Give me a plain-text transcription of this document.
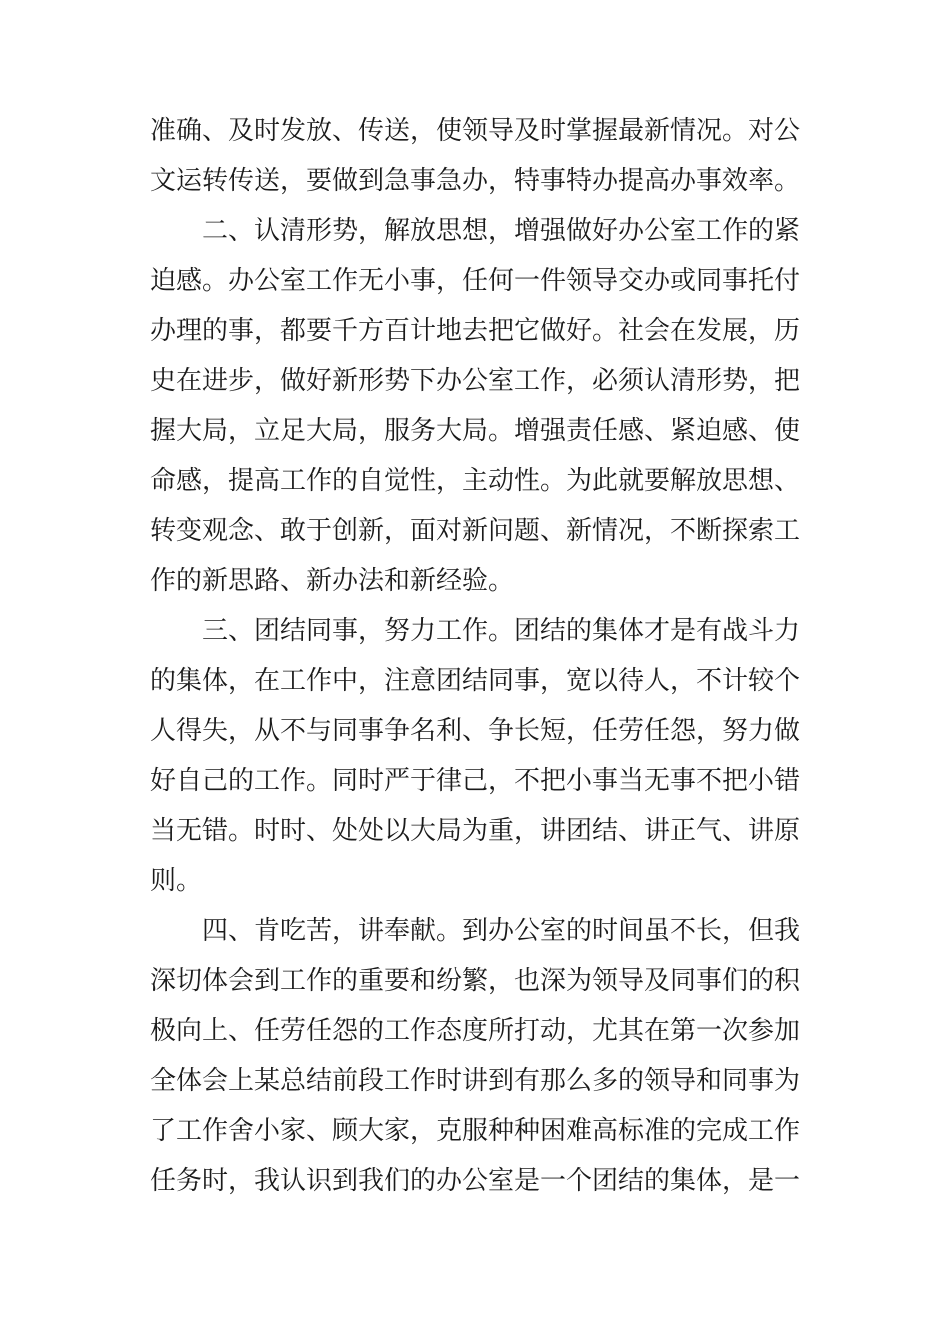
准确、及时发放、传送，使领导及时掌握最新情况。对公
文运转传送，要做到急事急办，特事特办提高办事效率。
　　二、认清形势，解放思想，增强做好办公室工作的紧
迫感。办公室工作无小事，任何一件领导交办或同事托付
办理的事，都要千方百计地去把它做好。社会在发展，历
史在进步，做好新形势下办公室工作，必须认清形势，把
握大局，立足大局，服务大局。增强责任感、紧迫感、使
命感，提高工作的自觉性，主动性。为此就要解放思想、
转变观念、敢于创新，面对新问题、新情况，不断探索工
作的新思路、新办法和新经验。
　　三、团结同事，努力工作。团结的集体才是有战斗力
的集体，在工作中，注意团结同事，宽以待人，不计较个
人得失，从不与同事争名利、争长短，任劳任怨，努力做
好自己的工作。同时严于律己，不把小事当无事不把小错
当无错。时时、处处以大局为重，讲团结、讲正气、讲原
则。
　　四、肯吃苦，讲奉献。到办公室的时间虽不长，但我
深切体会到工作的重要和纷繁，也深为领导及同事们的积
极向上、任劳任怨的工作态度所打动，尤其在第一次参加
全体会上某总结前段工作时讲到有那么多的领导和同事为
了工作舍小家、顾大家，克服种种困难高标准的完成工作
任务时，我认识到我们的办公室是一个团结的集体，是一
